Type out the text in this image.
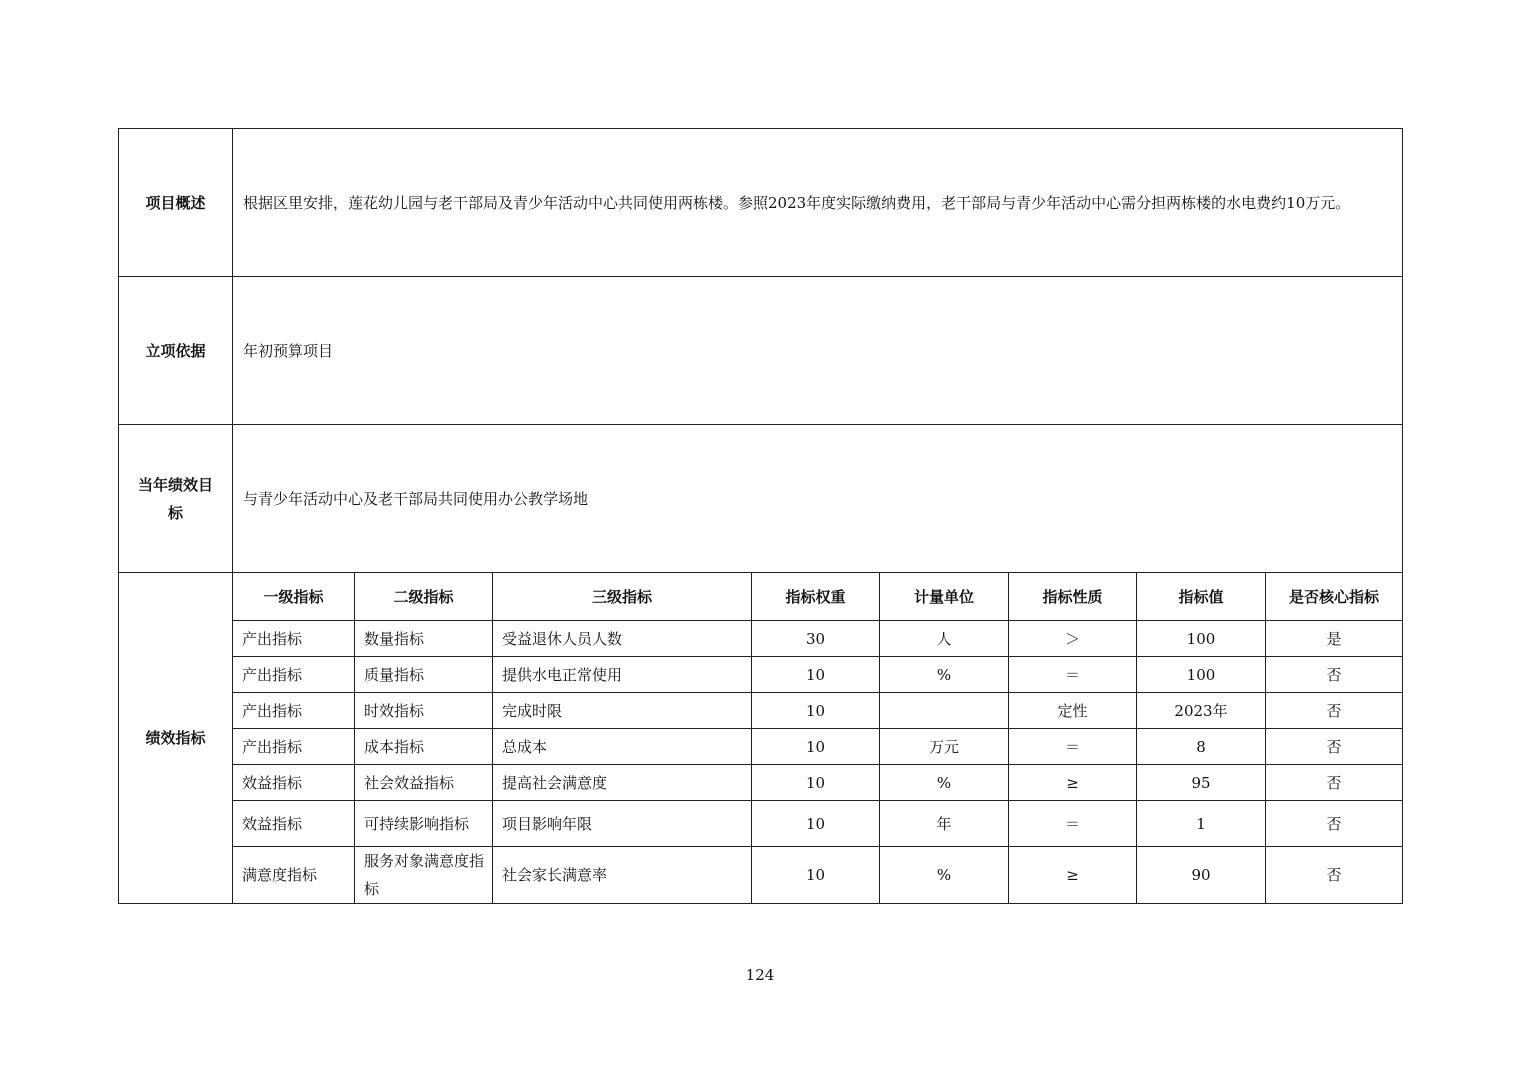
项目概述	根据区里安排，莲花幼儿园与老干部局及青少年活动中心共同使用两栋楼。参照2023年度实际缴纳费用，老干部局与青少年活动中心需分担两栋楼的水电费约10万元。							
立项依据	年初预算项目							
当年绩效目标	与青少年活动中心及老干部局共同使用办公教学场地							
绩效指标	一级指标	二级指标	三级指标	指标权重	计量单位	指标性质	指标值	是否核心指标
	产出指标	数量指标	受益退休人员人数	30	人	＞	100	是
	产出指标	质量指标	提供水电正常使用	10	%	＝	100	否
	产出指标	时效指标	完成时限	10		定性	2023年	否
	产出指标	成本指标	总成本	10	万元	＝	8	否
	效益指标	社会效益指标	提高社会满意度	10	%	≥	95	否
	效益指标	可持续影响指标	项目影响年限	10	年	＝	1	否
	满意度指标	服务对象满意度指标	社会家长满意率	10	%	≥	90	否
124
